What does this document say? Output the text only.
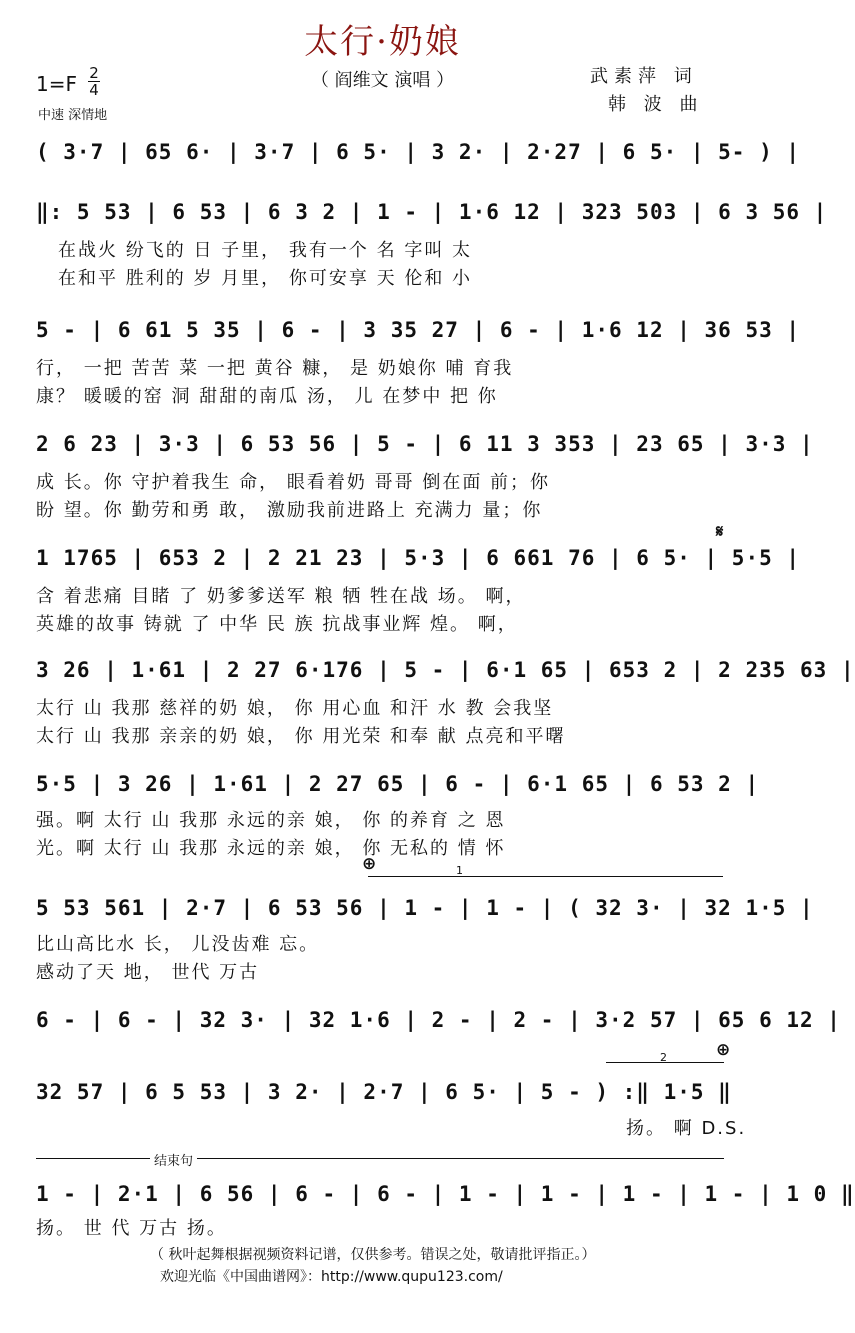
太行·奶娘
（ 阎维文 演唱 ）	武素萍 词
韩 波 曲
1=F 2
4
中速 深情地
( 3·7 | 65 6· | 3·7 | 6 5· | 3 2· | 2·27 | 6 5· | 5- ) |
‖: 5 53 | 6 53 | 6 3 2 | 1 - | 1·6 12 | 323 503 | 6 3 56 |
在战火 纷飞的 日 子里， 我有一个 名 字叫 太
在和平 胜利的 岁 月里， 你可安享 天 伦和 小
5 - | 6 61 5 35 | 6 - | 3 35 27 | 6 - | 1·6 12 | 36 53 |
行， 一把 苦苦 菜 一把 黄谷 糠， 是 奶娘你 哺 育我
康？ 暖暖的窑 洞 甜甜的南瓜 汤， 儿 在梦中 把 你
2 6 23 | 3·3 | 6 53 56 | 5 - | 6 11 3 353 | 23 65 | 3·3 |
成 长。你 守护着我生 命， 眼看着奶 哥哥 倒在面 前；你
盼 望。你 勤劳和勇 敢， 激励我前进路上 充满力 量；你
𝄋
1 1765 | 653 2 | 2 21 23 | 5·3 | 6 661 76 | 6 5· | 5·5 |
含 着悲痛 目睹 了 奶爹爹送军 粮 牺 牲在战 场。 啊，
英雄的故事 铸就 了 中华 民 族 抗战事业辉 煌。 啊，
3 26 | 1·61 | 2 27 6·176 | 5 - | 6·1 65 | 653 2 | 2 235 63 |
太行 山 我那 慈祥的奶 娘， 你 用心血 和汗 水 教 会我坚
太行 山 我那 亲亲的奶 娘， 你 用光荣 和奉 献 点亮和平曙
5·5 | 3 26 | 1·61 | 2 27 65 | 6 - | 6·1 65 | 6 53 2 |
强。啊 太行 山 我那 永远的亲 娘， 你 的养育 之 恩
光。啊 太行 山 我那 永远的亲 娘， 你 无私的 情 怀
⊕	1
5 53 561 | 2·7 | 6 53 56 | 1 - | 1 - | ( 32 3· | 32 1·5 |
比山高比水 长， 儿没齿难 忘。
感动了天 地， 世代 万古
6 - | 6 - | 32 3· | 32 1·6 | 2 - | 2 - | 3·2 57 | 65 6 12 |
2	⊕
32 57 | 6 5 53 | 3 2· | 2·7 | 6 5· | 5 - ) :‖ 1·5 ‖
扬。 啊 D.S.
结束句
1 - | 2·1 | 6 56 | 6 - | 6 - | 1 - | 1 - | 1 - | 1 - | 1 0 ‖
扬。 世 代 万古 扬。
（ 秋叶起舞根据视频资料记谱，仅供参考。错误之处，敬请批评指正。）
欢迎光临《中国曲谱网》：http://www.qupu123.com/
